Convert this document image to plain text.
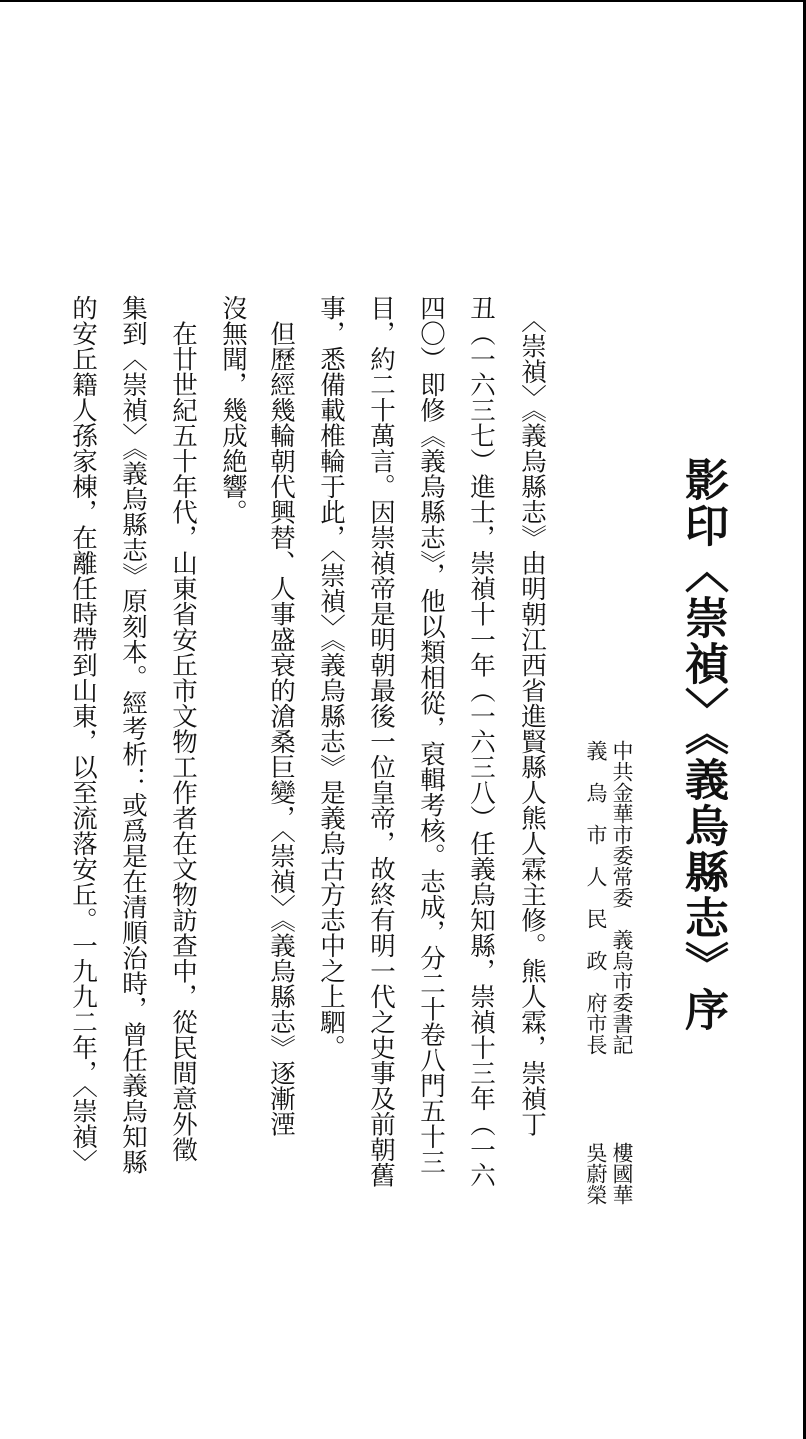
影印〈崇禎〉《義烏縣志》序
中共金華市委常委　義烏市委書記
義　烏　市　人　民　政　府市長
樓國華
吳蔚榮
　〈崇禎〉《義烏縣志》由明朝江西省進賢縣人熊人霖主修。熊人霖，崇禎丁
丑（一六三七）進士，崇禎十一年（一六三八）任義烏知縣，崇禎十三年（一六
四〇）即修《義烏縣志》，他以類相從，裒輯考核。志成，分二十卷八門五十三
目，約二十萬言。因崇禎帝是明朝最後一位皇帝，故終有明一代之史事及前朝舊
事，悉備載椎輪于此，〈崇禎〉《義烏縣志》是義烏古方志中之上駟。
　但歷經幾輪朝代興替、人事盛衰的滄桑巨變，〈崇禎〉《義烏縣志》逐漸湮
沒無聞，幾成絶響。
　在廿世紀五十年代，山東省安丘市文物工作者在文物訪查中，從民間意外徵
集到〈崇禎〉《義烏縣志》原刻本。經考析：或爲是在清順治時，曾任義烏知縣
的安丘籍人孫家棟，在離任時帶到山東，以至流落安丘。一九九二年，〈崇禎〉
